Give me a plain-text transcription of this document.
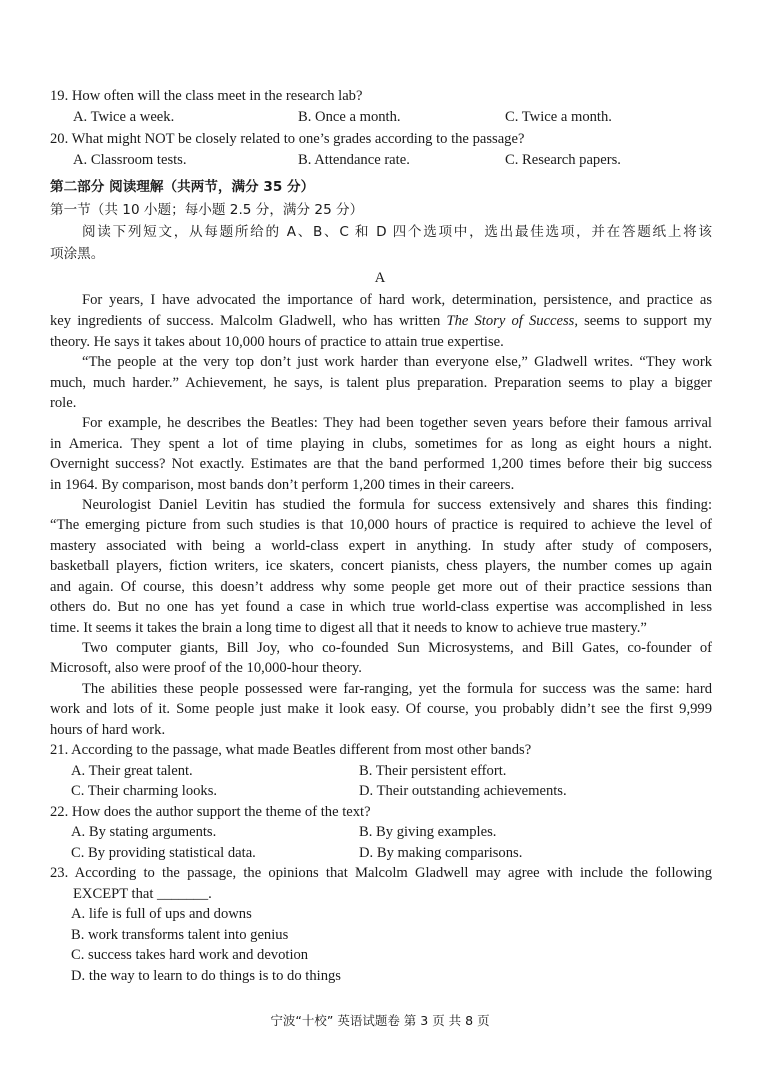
19. How often will the class meet in the research lab?
A. Twice a week.	B. Once a month.	C. Twice a month.
20. What might NOT be closely related to one’s grades according to the passage?
A. Classroom tests.	B. Attendance rate.	C. Research papers.
第二部分 阅读理解（共两节，满分 35 分）
第一节（共 10 小题；每小题 2.5 分，满分 25 分）
阅读下列短文，从每题所给的 A、B、C 和 D 四个选项中，选出最佳选项，并在答题纸上将该
项涂黑。
A
For years, I have advocated the importance of hard work, determination, persistence, and practice as
key ingredients of success. Malcolm Gladwell, who has written The Story of Success, seems to support my
theory. He says it takes about 10,000 hours of practice to attain true expertise.
“The people at the very top don’t just work harder than everyone else,” Gladwell writes. “They work
much, much harder.” Achievement, he says, is talent plus preparation. Preparation seems to play a bigger
role.
For example, he describes the Beatles: They had been together seven years before their famous arrival
in America. They spent a lot of time playing in clubs, sometimes for as long as eight hours a night.
Overnight success? Not exactly. Estimates are that the band performed 1,200 times before their big success
in 1964. By comparison, most bands don’t perform 1,200 times in their careers.
Neurologist Daniel Levitin has studied the formula for success extensively and shares this finding:
“The emerging picture from such studies is that 10,000 hours of practice is required to achieve the level of
mastery associated with being a world-class expert in anything. In study after study of composers,
basketball players, fiction writers, ice skaters, concert pianists, chess players, the number comes up again
and again. Of course, this doesn’t address why some people get more out of their practice sessions than
others do. But no one has yet found a case in which true world-class expertise was accomplished in less
time. It seems it takes the brain a long time to digest all that it needs to know to achieve true mastery.”
Two computer giants, Bill Joy, who co-founded Sun Microsystems, and Bill Gates, co-founder of
Microsoft, also were proof of the 10,000-hour theory.
The abilities these people possessed were far-ranging, yet the formula for success was the same: hard
work and lots of it. Some people just make it look easy. Of course, you probably didn’t see the first 9,999
hours of hard work.
21. According to the passage, what made Beatles different from most other bands?
A. Their great talent.	B. Their persistent effort.
C. Their charming looks.	D. Their outstanding achievements.
22. How does the author support the theme of the text?
A. By stating arguments.	B. By giving examples.
C. By providing statistical data.	D. By making comparisons.
23. According to the passage, the opinions that Malcolm Gladwell may agree with include the following
EXCEPT that _______.
A. life is full of ups and downs
B. work transforms talent into genius
C. success takes hard work and devotion
D. the way to learn to do things is to do things
宁波“十校” 英语试题卷 第 3 页 共 8 页
